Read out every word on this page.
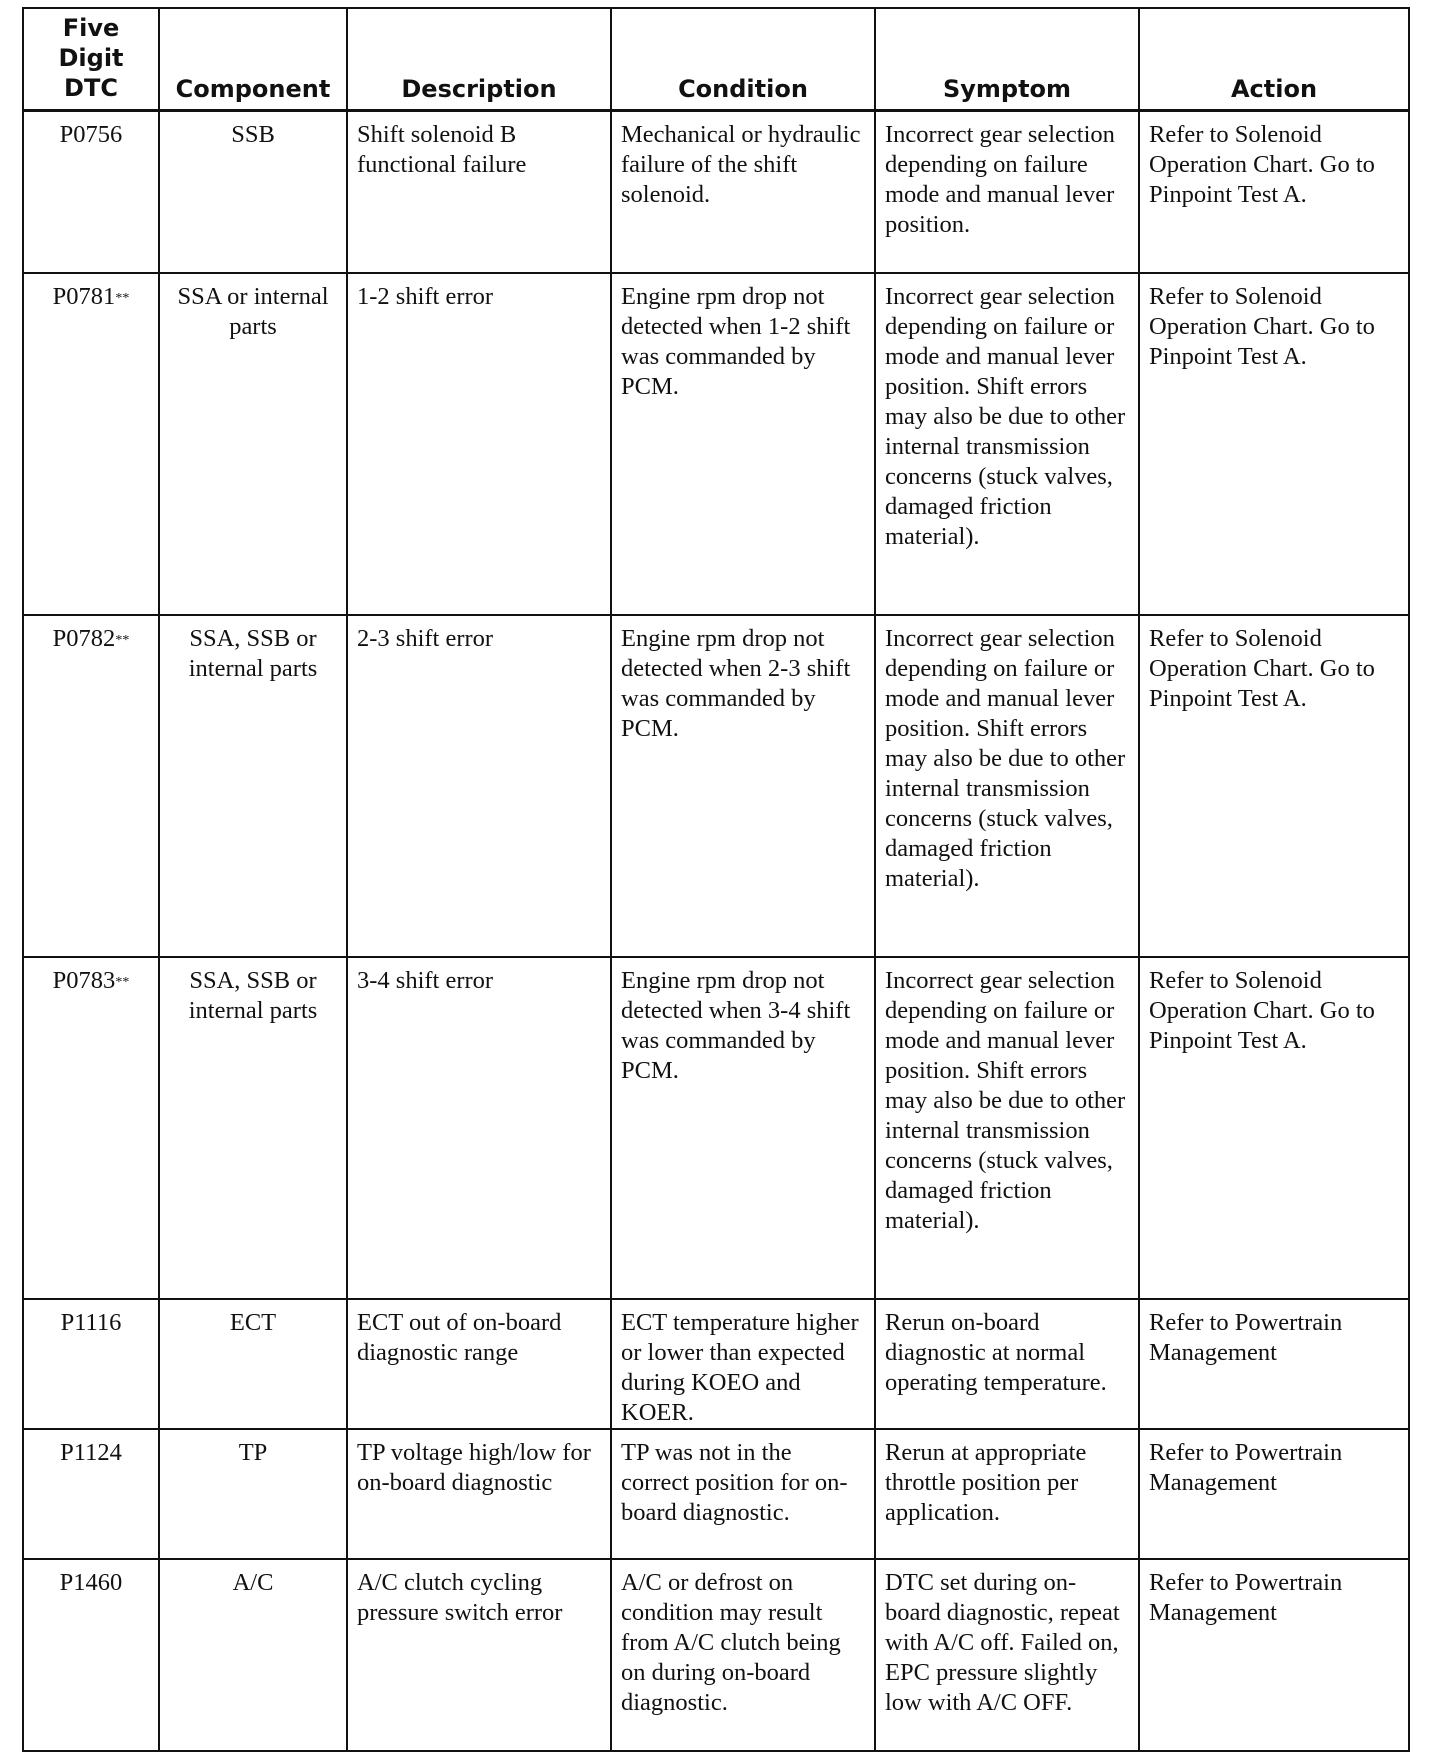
Five Digit DTC	Component	Description	Condition	Symptom	Action
P0756	SSB	Shift solenoid B functional failure	Mechanical or hydraulic failure of the shift solenoid.	Incorrect gear selection depending on failure mode and manual lever position.	Refer to Solenoid Operation Chart. Go to Pinpoint Test A.
P0781**	SSA or internal parts	1-2 shift error	Engine rpm drop not detected when 1-2 shift was commanded by PCM.	Incorrect gear selection depending on failure or mode and manual lever position. Shift errors may also be due to other internal transmission concerns (stuck valves, damaged friction material).	Refer to Solenoid Operation Chart. Go to Pinpoint Test A.
P0782**	SSA, SSB or internal parts	2-3 shift error	Engine rpm drop not detected when 2-3 shift was commanded by PCM.	Incorrect gear selection depending on failure or mode and manual lever position. Shift errors may also be due to other internal transmission concerns (stuck valves, damaged friction material).	Refer to Solenoid Operation Chart. Go to Pinpoint Test A.
P0783**	SSA, SSB or internal parts	3-4 shift error	Engine rpm drop not detected when 3-4 shift was commanded by PCM.	Incorrect gear selection depending on failure or mode and manual lever position. Shift errors may also be due to other internal transmission concerns (stuck valves, damaged friction material).	Refer to Solenoid Operation Chart. Go to Pinpoint Test A.
P1116	ECT	ECT out of on-board diagnostic range	ECT temperature higher or lower than expected during KOEO and KOER.	Rerun on-board diagnostic at normal operating temperature.	Refer to Powertrain Management
P1124	TP	TP voltage high/low for on-board diagnostic	TP was not in the correct position for on-board diagnostic.	Rerun at appropriate throttle position per application.	Refer to Powertrain Management
P1460	A/C	A/C clutch cycling pressure switch error	A/C or defrost on condition may result from A/C clutch being on during on-board diagnostic.	DTC set during on-board diagnostic, repeat with A/C off. Failed on, EPC pressure slightly low with A/C OFF.	Refer to Powertrain Management
